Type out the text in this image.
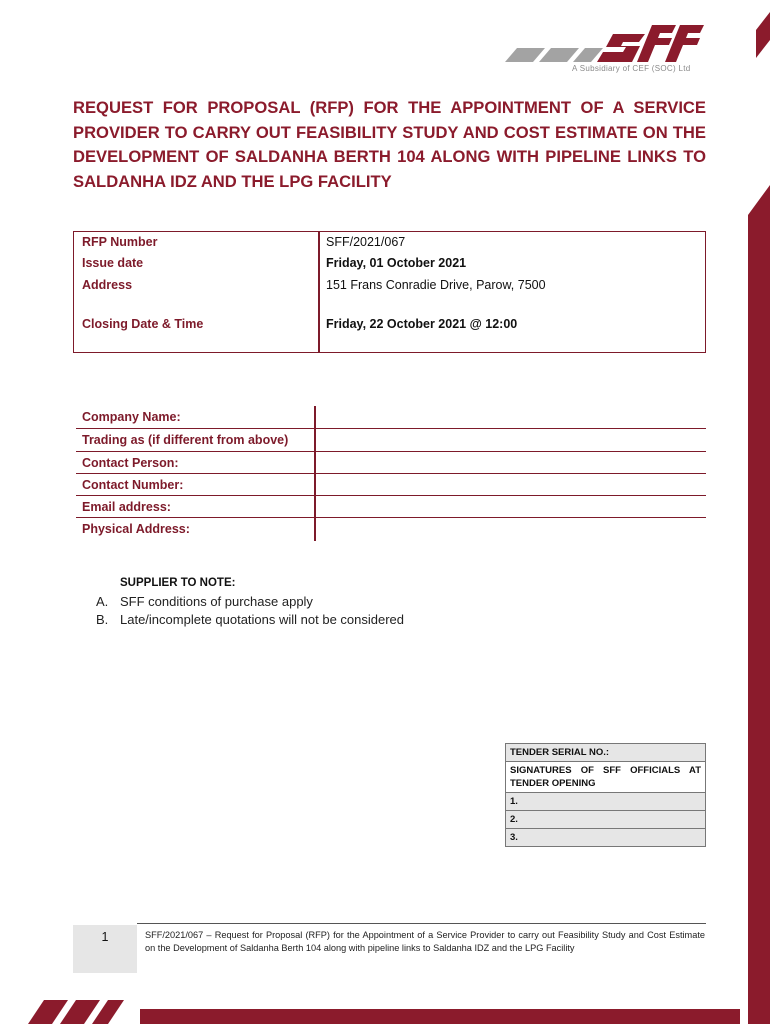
A Subsidiary of CEF (SOC) Ltd
REQUEST FOR PROPOSAL (RFP) FOR THE APPOINTMENT OF A SERVICE PROVIDER TO CARRY OUT FEASIBILITY STUDY AND COST ESTIMATE ON THE DEVELOPMENT OF SALDANHA BERTH 104 ALONG WITH PIPELINE LINKS TO SALDANHA IDZ AND THE LPG FACILITY
RFP Number	SFF/2021/067
Issue date	Friday, 01 October 2021
Address	151 Frans Conradie Drive, Parow, 7500
Closing Date & Time	Friday, 22 October 2021 @ 12:00
Company Name:
Trading as (if different from above)
Contact Person:
Contact Number:
Email address:
Physical Address:
SUPPLIER TO NOTE:
A. SFF conditions of purchase apply
B. Late/incomplete quotations will not be considered
TENDER SERIAL NO.:
SIGNATURES OF SFF OFFICIALS AT TENDER OPENING
1.
2.
3.
1	SFF/2021/067 – Request for Proposal (RFP) for the Appointment of a Service Provider to carry out Feasibility Study and Cost Estimate on the Development of Saldanha Berth 104 along with pipeline links to Saldanha IDZ and the LPG Facility
